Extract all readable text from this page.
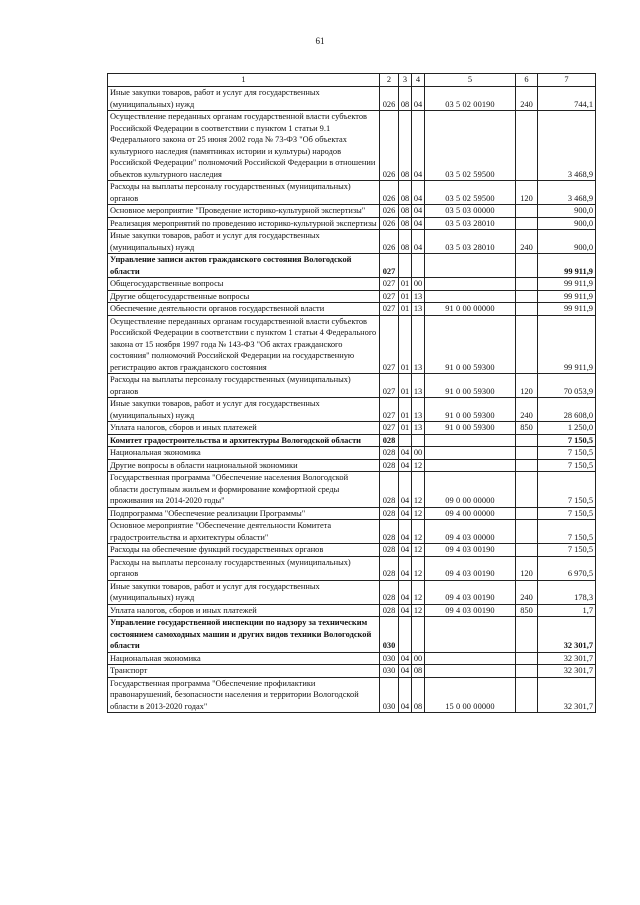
61
1	2	3	4	5	6	7
Иные закупки товаров, работ и услуг для государственных (муниципальных) нужд	026	08	04	03 5 02 00190	240	744,1
Осуществление переданных органам государственной власти субъектов Российской Федерации в соответствии с пунктом 1 статьи 9.1 Федерального закона от 25 июня 2002 года № 73-ФЗ "Об объектах культурного наследия (памятниках истории и культуры) народов Российской Федерации" полномочий Российской Федерации в отношении объектов культурного наследия	026	08	04	03 5 02 59500		3 468,9
Расходы на выплаты персоналу государственных (муниципальных) органов	026	08	04	03 5 02 59500	120	3 468,9
Основное мероприятие "Проведение историко-культурной экспертизы"	026	08	04	03 5 03 00000		900,0
Реализация мероприятий по проведению историко-культурной экспертизы	026	08	04	03 5 03 28010		900,0
Иные закупки товаров, работ и услуг для государственных (муниципальных) нужд	026	08	04	03 5 03 28010	240	900,0
Управление записи актов гражданского состояния Вологодской области	027					99 911,9
Общегосударственные вопросы	027	01	00			99 911,9
Другие общегосударственные вопросы	027	01	13			99 911,9
Обеспечение деятельности органов государственной власти	027	01	13	91 0 00 00000		99 911,9
Осуществление переданных органам государственной власти субъектов Российской Федерации в соответствии с пунктом 1 статьи 4 Федерального закона от 15 ноября 1997 года № 143-ФЗ "Об актах гражданского состояния" полномочий Российской Федерации на государственную регистрацию актов гражданского состояния	027	01	13	91 0 00 59300		99 911,9
Расходы на выплаты персоналу государственных (муниципальных) органов	027	01	13	91 0 00 59300	120	70 053,9
Иные закупки товаров, работ и услуг для государственных (муниципальных) нужд	027	01	13	91 0 00 59300	240	28 608,0
Уплата налогов, сборов и иных платежей	027	01	13	91 0 00 59300	850	1 250,0
Комитет градостроительства и архитектуры Вологодской области	028					7 150,5
Национальная экономика	028	04	00			7 150,5
Другие вопросы в области национальной экономики	028	04	12			7 150,5
Государственная программа "Обеспечение населения Вологодской области доступным жильем и формирование комфортной среды проживания на 2014-2020 годы"	028	04	12	09 0 00 00000		7 150,5
Подпрограмма "Обеспечение реализации Программы"	028	04	12	09 4 00 00000		7 150,5
Основное мероприятие "Обеспечение деятельности Комитета градостроительства и архитектуры области"	028	04	12	09 4 03 00000		7 150,5
Расходы на обеспечение функций государственных органов	028	04	12	09 4 03 00190		7 150,5
Расходы на выплаты персоналу государственных (муниципальных) органов	028	04	12	09 4 03 00190	120	6 970,5
Иные закупки товаров, работ и услуг для государственных (муниципальных) нужд	028	04	12	09 4 03 00190	240	178,3
Уплата налогов, сборов и иных платежей	028	04	12	09 4 03 00190	850	1,7
Управление государственной инспекции по надзору за техническим состоянием самоходных машин и других видов техники Вологодской области	030					32 301,7
Национальная экономика	030	04	00			32 301,7
Транспорт	030	04	08			32 301,7
Государственная программа "Обеспечение профилактики правонарушений, безопасности населения и территории Вологодской области в 2013-2020 годах"	030	04	08	15 0 00 00000		32 301,7
